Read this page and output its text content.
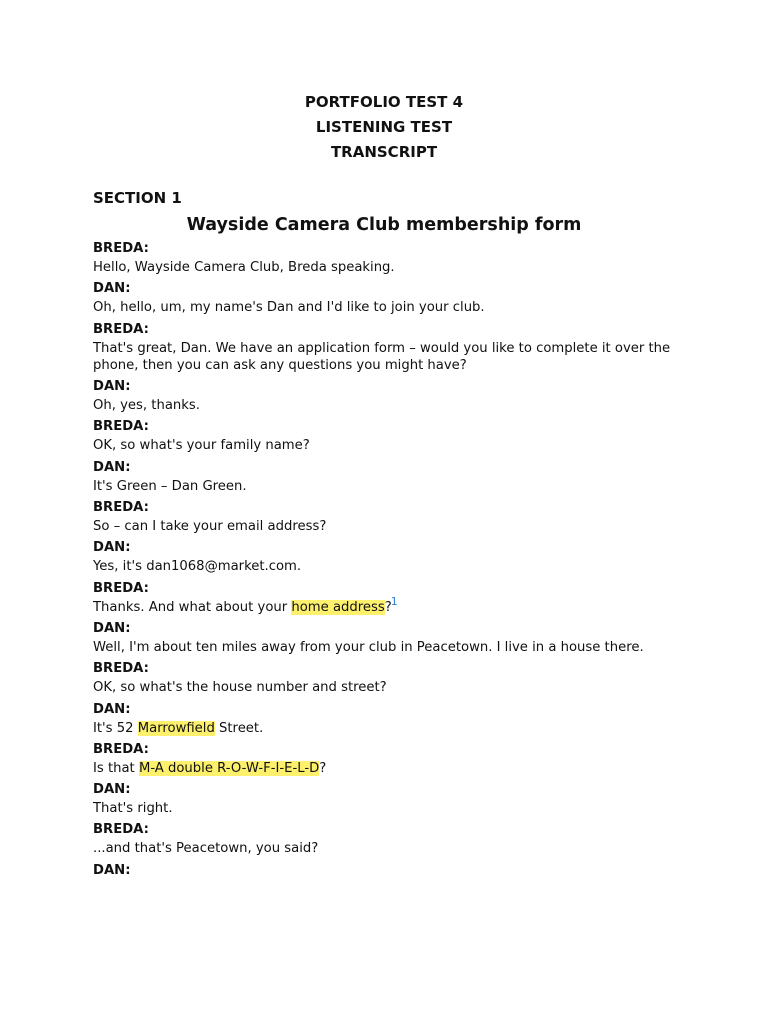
PORTFOLIO TEST 4
LISTENING TEST
TRANSCRIPT
SECTION 1
Wayside Camera Club membership form
BREDA:
Hello, Wayside Camera Club, Breda speaking.
DAN:
Oh, hello, um, my name's Dan and I'd like to join your club.
BREDA:
That's great, Dan. We have an application form – would you like to complete it over the
phone, then you can ask any questions you might have?
DAN:
Oh, yes, thanks.
BREDA:
OK, so what's your family name?
DAN:
It's Green – Dan Green.
BREDA:
So – can I take your email address?
DAN:
Yes, it's dan1068@market.com.
BREDA:
Thanks. And what about your home address? 1
DAN:
Well, I'm about ten miles away from your club in Peacetown. I live in a house there.
BREDA:
OK, so what's the house number and street?
DAN:
It's 52 Marrowfield Street.
BREDA:
Is that M-A double R-O-W-F-I-E-L-D?
DAN:
That's right.
BREDA:
...and that's Peacetown, you said?
DAN:
